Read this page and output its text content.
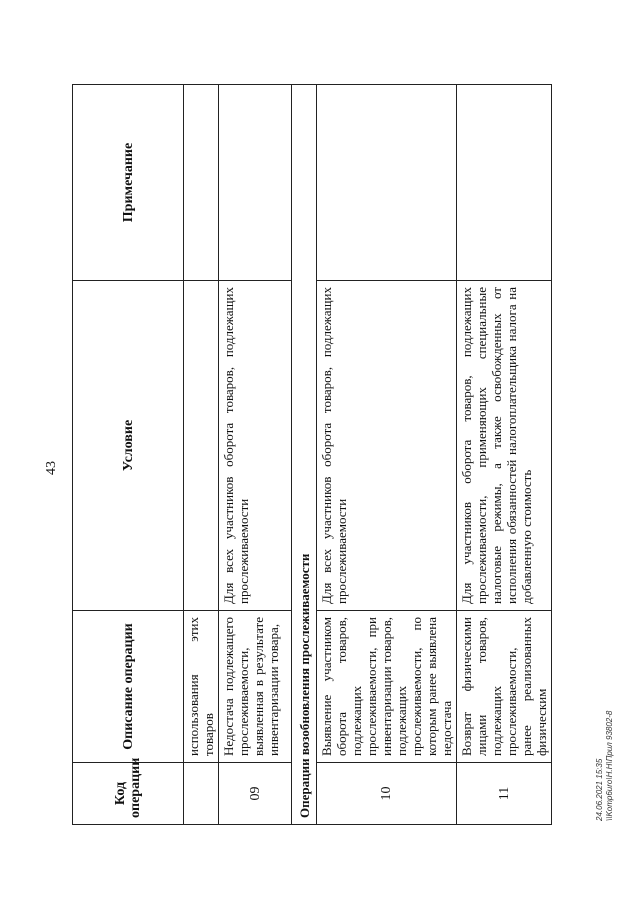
43
Код операции	Описание операции	Условие	Примечание
	использования этих товаров		
09	Недостача подлежащего прослеживаемости, выявленная в результате инвентаризации товара,	Для всех участников оборота товаров, подлежащих прослеживаемости	
Операции возобновления прослеживаемости			
10	Выявление участником оборота товаров, подлежащих прослеживаемости, при инвентаризации товаров, подлежащих прослеживаемости, по которым ранее выявлена недостача	Для всех участников оборота товаров, подлежащих прослеживаемости	
11	Возврат физическими лицами товаров, подлежащих прослеживаемости, ранее реализованных физическим	Для участников оборота товаров, подлежащих прослеживаемости, применяющих специальные налоговые режимы, а также освобожденных от исполнения обязанностей налогоплательщика налога на добавленную стоимость	
24.06.2021 15:35 \\Komp6uro\Н.Н\Прил 93802-8
